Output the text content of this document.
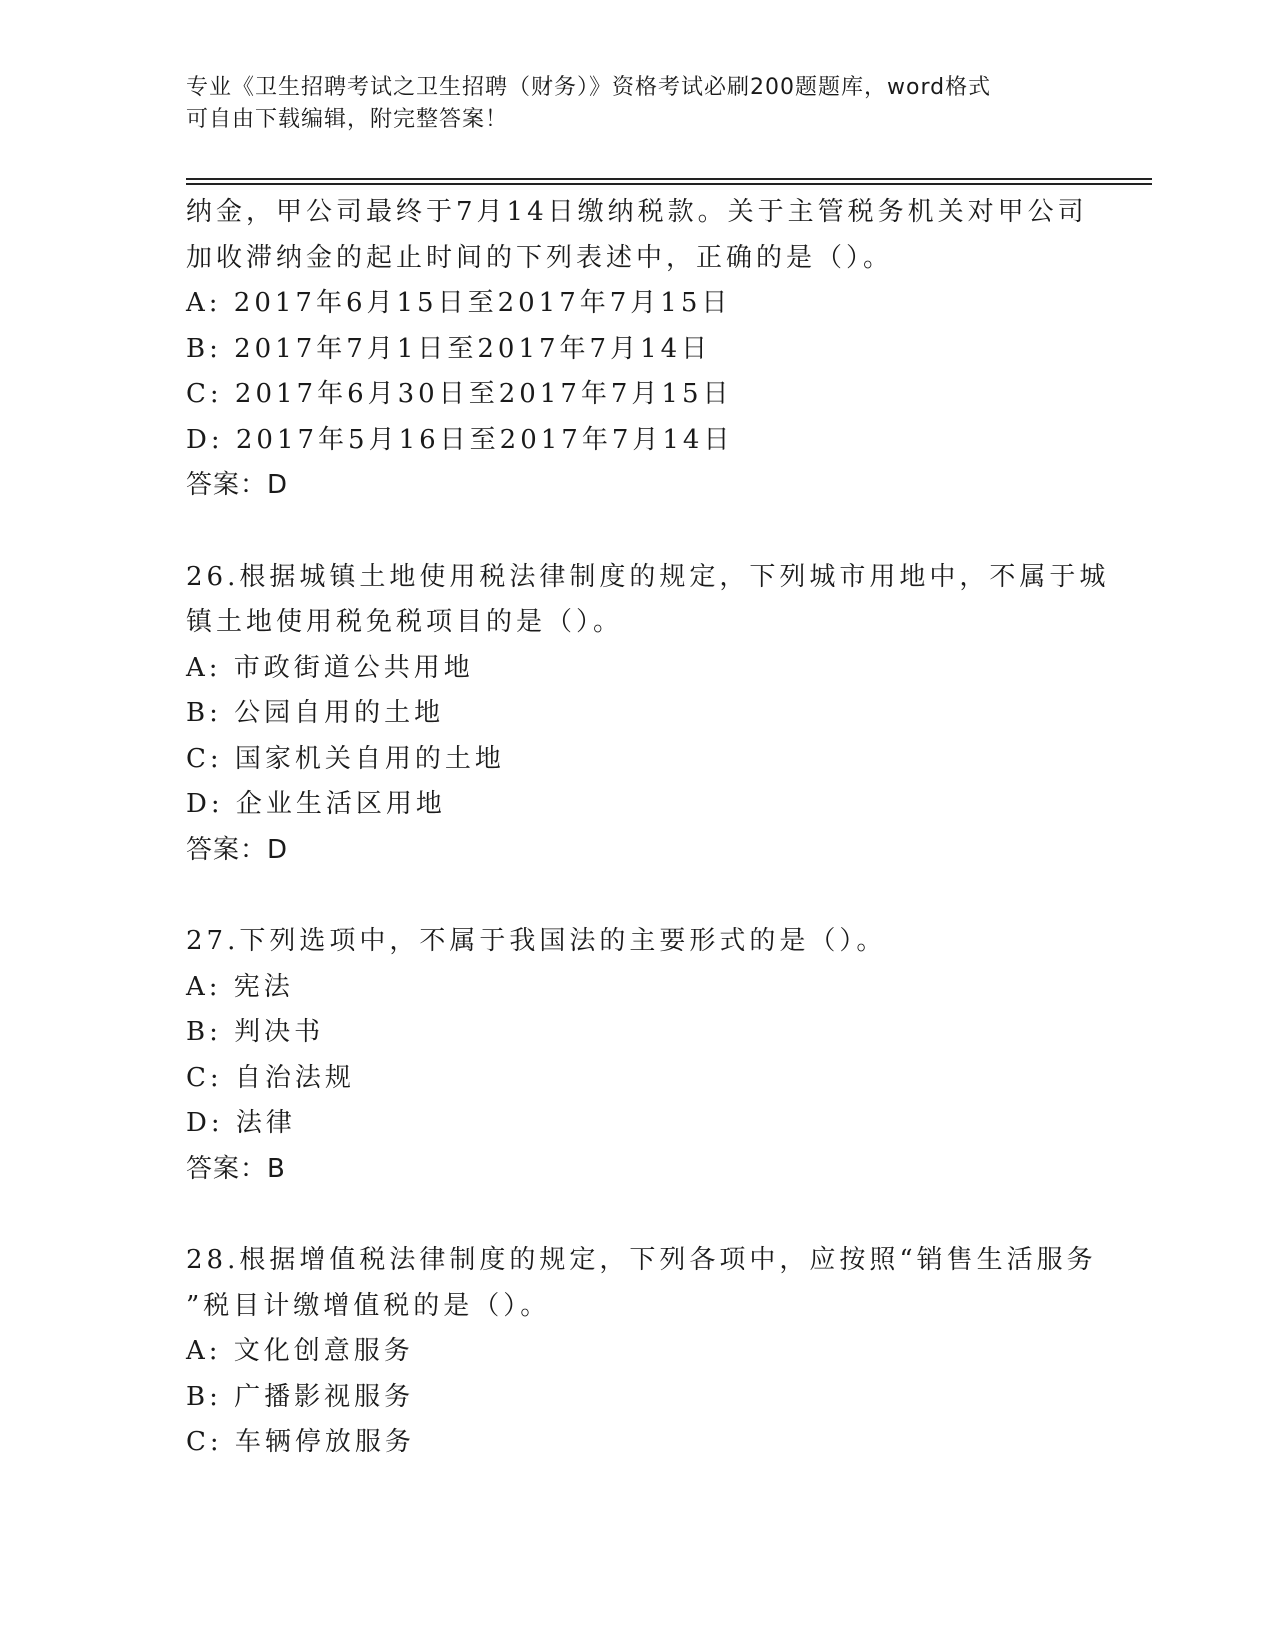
专业《卫生招聘考试之卫生招聘（财务）》资格考试必刷200题题库，word格式
可自由下载编辑，附完整答案！
纳金，甲公司最终于7月14日缴纳税款。关于主管税务机关对甲公司
加收滞纳金的起止时间的下列表述中，正确的是（）。
A: 2017年6月15日至2017年7月15日
B: 2017年7月1日至2017年7月14日
C: 2017年6月30日至2017年7月15日
D: 2017年5月16日至2017年7月14日
答案：D
26.根据城镇土地使用税法律制度的规定，下列城市用地中，不属于城
镇土地使用税免税项目的是（）。
A: 市政街道公共用地
B: 公园自用的土地
C: 国家机关自用的土地
D: 企业生活区用地
答案：D
27.下列选项中，不属于我国法的主要形式的是（）。
A: 宪法
B: 判决书
C: 自治法规
D: 法律
答案：B
28.根据增值税法律制度的规定，下列各项中，应按照“销售生活服务
”税目计缴增值税的是（）。
A: 文化创意服务
B: 广播影视服务
C: 车辆停放服务
